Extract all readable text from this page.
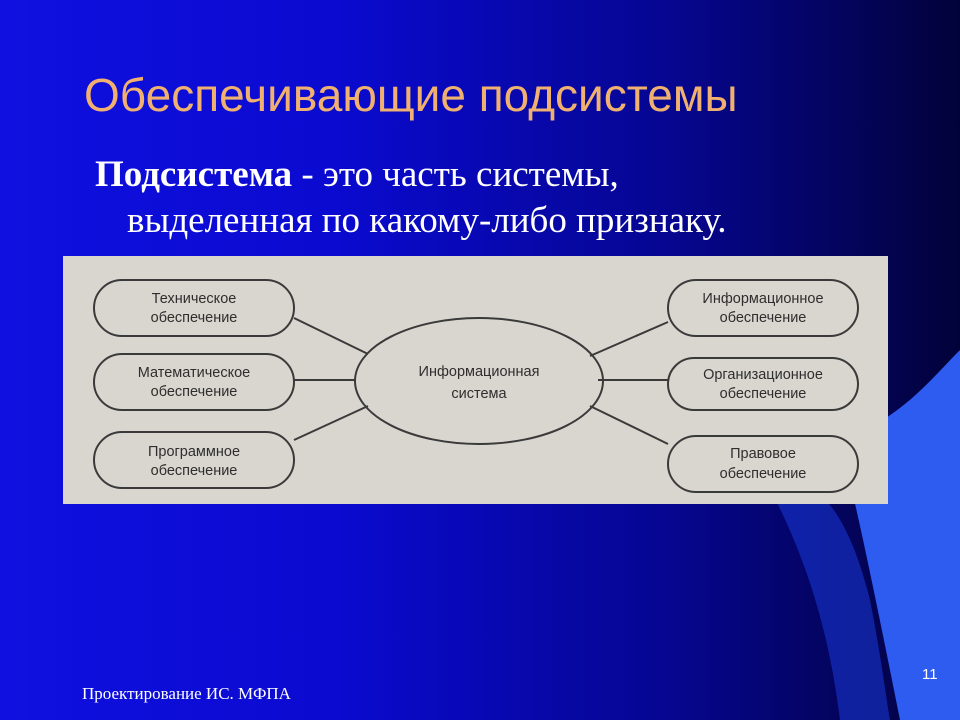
Обеспечивающие подсистемы
Подсистема - это часть системы,
выделенная по какому-либо признаку.
Техническое
обеспечение
Математическое
обеспечение
Программное
обеспечение
Информационное
обеспечение
Организационное
обеспечение
Правовое
обеспечение
Информационная
система
Проектирование ИС. МФПА
11
